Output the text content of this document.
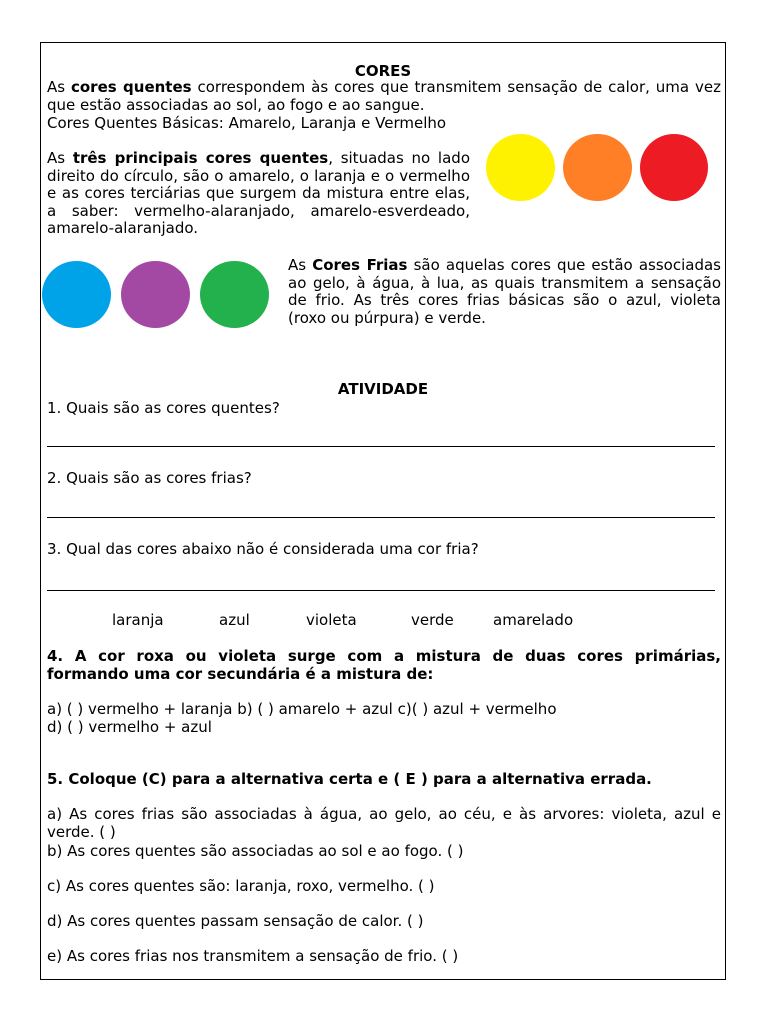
CORES
As cores quentes correspondem às cores que transmitem sensação de calor, uma vez que estão associadas ao sol, ao fogo e ao sangue.
Cores Quentes Básicas: Amarelo, Laranja e Vermelho
As três principais cores quentes, situadas no lado direito do círculo, são o amarelo, o laranja e o vermelho e as cores terciárias que surgem da mistura entre elas, a saber: vermelho-alaranjado, amarelo-esverdeado, amarelo-alaranjado.
As Cores Frias são aquelas cores que estão associadas ao gelo, à água, à lua, as quais transmitem a sensação de frio. As três cores frias básicas são o azul, violeta (roxo ou púrpura) e verde.
ATIVIDADE
1. Quais são as cores quentes?
2. Quais são as cores frias?
3. Qual das cores abaixo não é considerada uma cor fria?
laranja	azul	violeta	verde	amarelado
4. A cor roxa ou violeta surge com a mistura de duas cores primárias, formando uma cor secundária é a mistura de:
a) ( ) vermelho + laranja b) ( ) amarelo + azul c)( ) azul + vermelho
d) ( ) vermelho + azul
5. Coloque (C) para a alternativa certa e ( E ) para a alternativa errada.
a) As cores frias são associadas à água, ao gelo, ao céu, e às arvores: violeta, azul e verde. ( )
b) As cores quentes são associadas ao sol e ao fogo. ( )
c) As cores quentes são: laranja, roxo, vermelho. ( )
d) As cores quentes passam sensação de calor. ( )
e) As cores frias nos transmitem a sensação de frio. ( )
